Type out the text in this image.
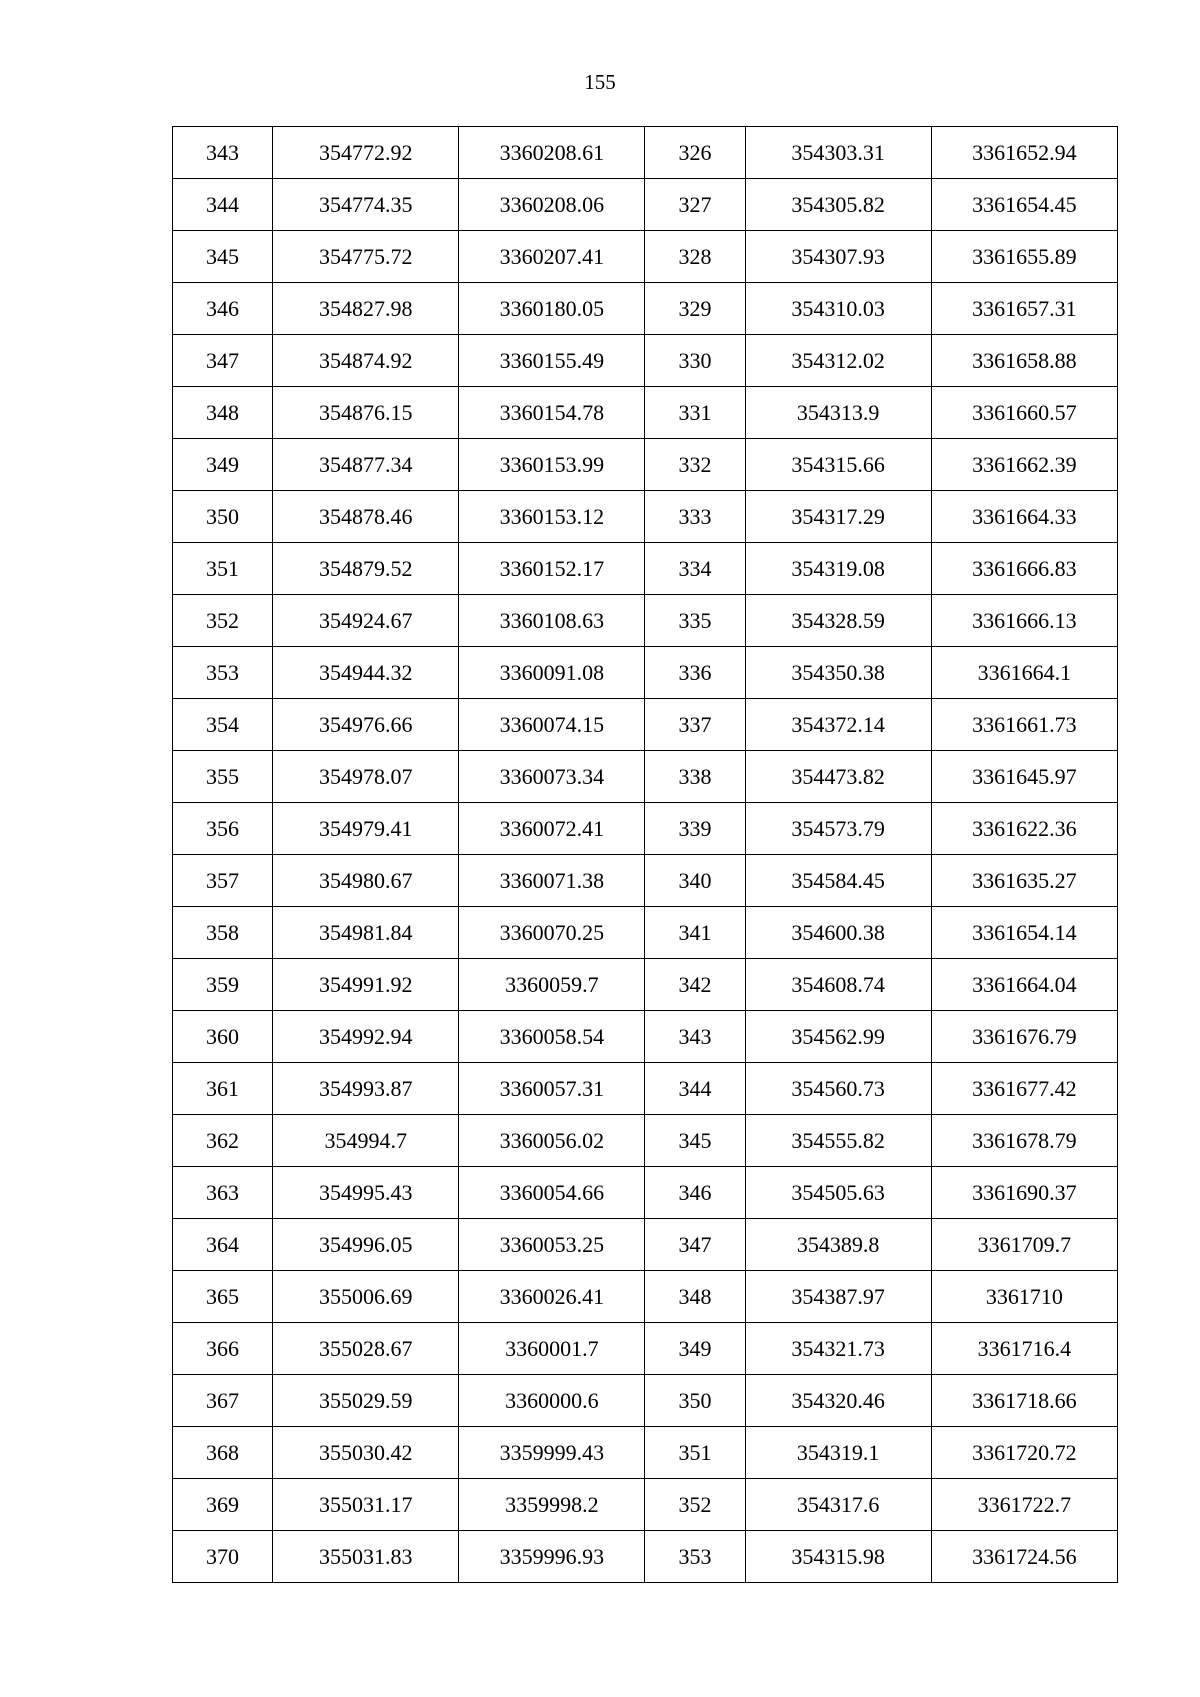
155
343	354772.92	3360208.61	326	354303.31	3361652.94
344	354774.35	3360208.06	327	354305.82	3361654.45
345	354775.72	3360207.41	328	354307.93	3361655.89
346	354827.98	3360180.05	329	354310.03	3361657.31
347	354874.92	3360155.49	330	354312.02	3361658.88
348	354876.15	3360154.78	331	354313.9	3361660.57
349	354877.34	3360153.99	332	354315.66	3361662.39
350	354878.46	3360153.12	333	354317.29	3361664.33
351	354879.52	3360152.17	334	354319.08	3361666.83
352	354924.67	3360108.63	335	354328.59	3361666.13
353	354944.32	3360091.08	336	354350.38	3361664.1
354	354976.66	3360074.15	337	354372.14	3361661.73
355	354978.07	3360073.34	338	354473.82	3361645.97
356	354979.41	3360072.41	339	354573.79	3361622.36
357	354980.67	3360071.38	340	354584.45	3361635.27
358	354981.84	3360070.25	341	354600.38	3361654.14
359	354991.92	3360059.7	342	354608.74	3361664.04
360	354992.94	3360058.54	343	354562.99	3361676.79
361	354993.87	3360057.31	344	354560.73	3361677.42
362	354994.7	3360056.02	345	354555.82	3361678.79
363	354995.43	3360054.66	346	354505.63	3361690.37
364	354996.05	3360053.25	347	354389.8	3361709.7
365	355006.69	3360026.41	348	354387.97	3361710
366	355028.67	3360001.7	349	354321.73	3361716.4
367	355029.59	3360000.6	350	354320.46	3361718.66
368	355030.42	3359999.43	351	354319.1	3361720.72
369	355031.17	3359998.2	352	354317.6	3361722.7
370	355031.83	3359996.93	353	354315.98	3361724.56
